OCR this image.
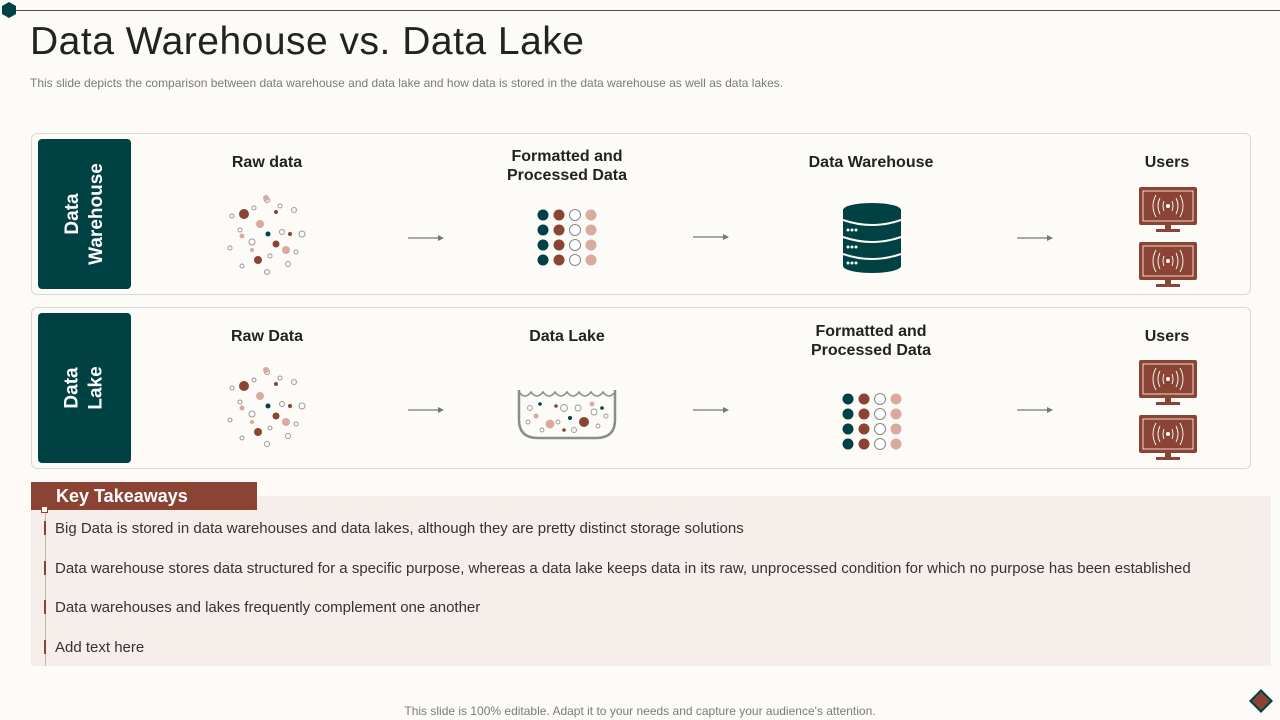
Data Warehouse vs. Data Lake
This slide depicts the comparison between data warehouse and data lake and how data is stored in the data warehouse as well as data lakes.
Data
Warehouse
Raw data	Formatted and
Processed Data
Data Warehouse	Users
Data
Lake
Raw Data	Data Lake	Formatted and
Processed Data
Users
Key Takeaways
Big Data is stored in data warehouses and data lakes, although they are pretty distinct storage solutions
Data warehouse stores data structured for a specific purpose, whereas a data lake keeps data in its raw, unprocessed condition for which no purpose has been established
Data warehouses and lakes frequently complement one another
Add text here
This slide is 100% editable. Adapt it to your needs and capture your audience's attention.
